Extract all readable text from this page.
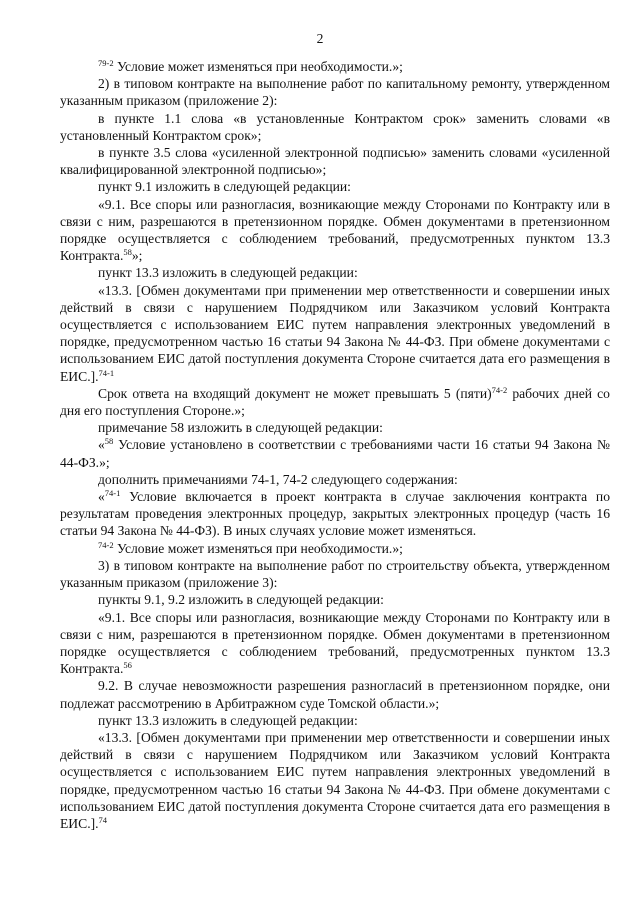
2

$^{79-2}$ Условие может изменяться при необходимости.»;

2) в типовом контракте на выполнение работ по капитальному ремонту, утвержденном указанным приказом (приложение 2):

в пункте 1.1 слова «в установленные Контрактом срок» заменить словами «в установленный Контрактом срок»;

в пункте 3.5 слова «усиленной электронной подписью» заменить словами «усиленной квалифицированной электронной подписью»;

пункт 9.1 изложить в следующей редакции:

«9.1. Все споры или разногласия, возникающие между Сторонами по Контракту или в связи с ним, разрешаются в претензионном порядке. Обмен документами в претензионном порядке осуществляется с соблюдением требований, предусмотренных пунктом 13.3 Контракта.$^{58}$»;

пункт 13.3 изложить в следующей редакции:

«13.3. [Обмен документами при применении мер ответственности и совершении иных действий в связи с нарушением Подрядчиком или Заказчиком условий Контракта осуществляется с использованием ЕИС путем направления электронных уведомлений в порядке, предусмотренном частью 16 статьи 94 Закона № 44-ФЗ. При обмене документами с использованием ЕИС датой поступления документа Стороне считается дата его размещения в ЕИС.].$^{74-1}$

Срок ответа на входящий документ не может превышать 5 (пяти)$^{74-2}$ рабочих дней со дня его поступления Стороне.»;

примечание 58 изложить в следующей редакции:

«$^{58}$ Условие установлено в соответствии с требованиями части 16 статьи 94 Закона № 44-ФЗ.»;

дополнить примечаниями 74-1, 74-2 следующего содержания:

«$^{74-1}$ Условие включается в проект контракта в случае заключения контракта по результатам проведения электронных процедур, закрытых электронных процедур (часть 16 статьи 94 Закона № 44-ФЗ). В иных случаях условие может изменяться.

$^{74-2}$ Условие может изменяться при необходимости.»;

3) в типовом контракте на выполнение работ по строительству объекта, утвержденном указанным приказом (приложение 3):

пункты 9.1, 9.2 изложить в следующей редакции:

«9.1. Все споры или разногласия, возникающие между Сторонами по Контракту или в связи с ним, разрешаются в претензионном порядке. Обмен документами в претензионном порядке осуществляется с соблюдением требований, предусмотренных пунктом 13.3 Контракта.$^{56}$

9.2. В случае невозможности разрешения разногласий в претензионном порядке, они подлежат рассмотрению в Арбитражном суде Томской области.»;

пункт 13.3 изложить в следующей редакции:

«13.3. [Обмен документами при применении мер ответственности и совершении иных действий в связи с нарушением Подрядчиком или Заказчиком условий Контракта осуществляется с использованием ЕИС путем направления электронных уведомлений в порядке, предусмотренном частью 16 статьи 94 Закона № 44-ФЗ. При обмене документами с использованием ЕИС датой поступления документа Стороне считается дата его размещения в ЕИС.].$^{74}$
